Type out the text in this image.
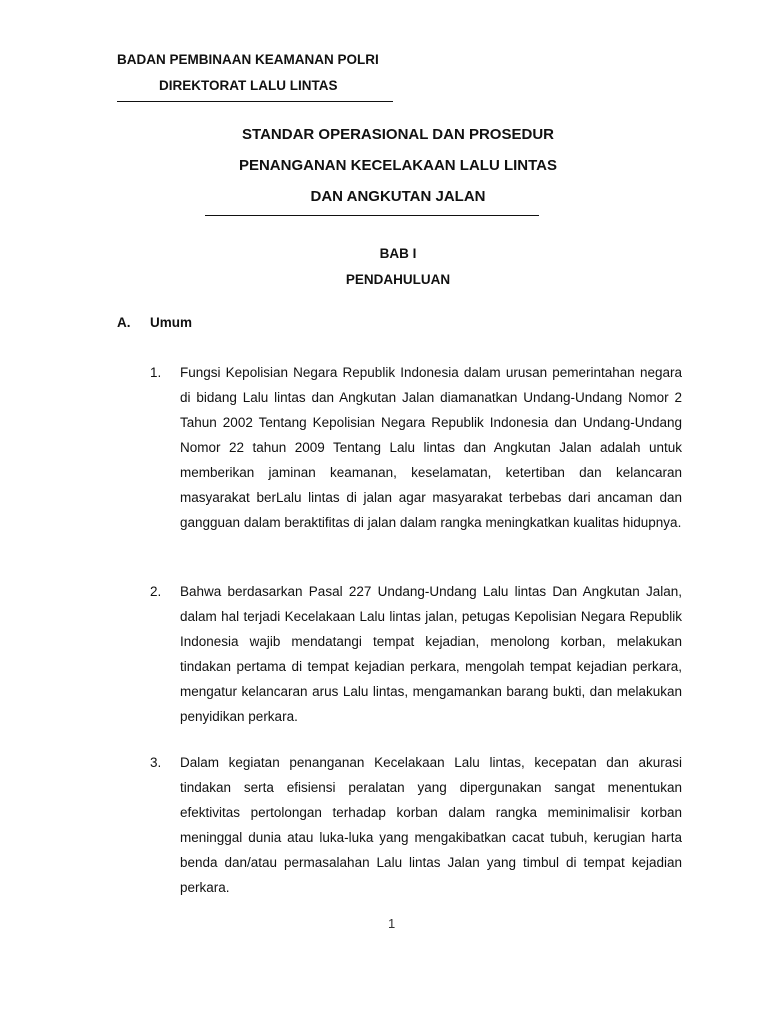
BADAN PEMBINAAN KEAMANAN POLRI
DIREKTORAT LALU LINTAS
STANDAR OPERASIONAL DAN PROSEDUR
PENANGANAN KECELAKAAN LALU LINTAS
DAN ANGKUTAN JALAN
BAB I
PENDAHULUAN
A. Umum
1.	Fungsi Kepolisian Negara Republik Indonesia dalam urusan pemerintahan negara di bidang Lalu lintas dan Angkutan Jalan diamanatkan Undang-Undang Nomor 2 Tahun 2002 Tentang Kepolisian Negara Republik Indonesia dan Undang-Undang Nomor 22 tahun 2009 Tentang Lalu lintas dan Angkutan Jalan adalah untuk memberikan jaminan keamanan, keselamatan, ketertiban dan kelancaran masyarakat berLalu lintas di jalan agar masyarakat terbebas dari ancaman dan gangguan dalam beraktifitas di jalan dalam rangka meningkatkan kualitas hidupnya.
2.	Bahwa berdasarkan Pasal 227 Undang-Undang Lalu lintas Dan Angkutan Jalan, dalam hal terjadi Kecelakaan Lalu lintas jalan, petugas Kepolisian Negara Republik Indonesia wajib mendatangi tempat kejadian, menolong korban, melakukan tindakan pertama di tempat kejadian perkara, mengolah tempat kejadian perkara, mengatur kelancaran arus Lalu lintas, mengamankan barang bukti, dan melakukan penyidikan perkara.
3.	Dalam kegiatan penanganan Kecelakaan Lalu lintas, kecepatan dan akurasi tindakan serta efisiensi peralatan yang dipergunakan sangat menentukan efektivitas pertolongan terhadap korban dalam rangka meminimalisir korban meninggal dunia atau luka-luka yang mengakibatkan cacat tubuh, kerugian harta benda dan/atau permasalahan Lalu lintas Jalan yang timbul di tempat kejadian perkara.
1
